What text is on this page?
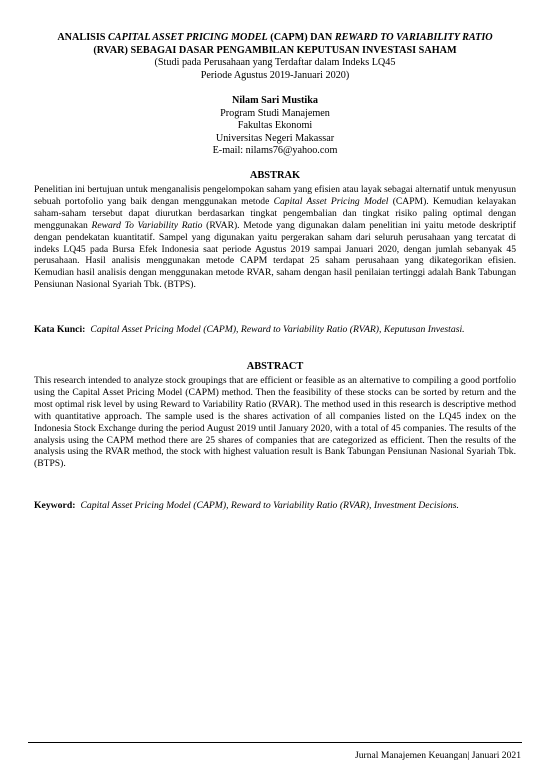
ANALISIS CAPITAL ASSET PRICING MODEL (CAPM) DAN REWARD TO VARIABILITY RATIO
(RVAR) SEBAGAI DASAR PENGAMBILAN KEPUTUSAN INVESTASI SAHAM
(Studi pada Perusahaan yang Terdaftar dalam Indeks LQ45
Periode Agustus 2019-Januari 2020)
Nilam Sari Mustika
Program Studi Manajemen
Fakultas Ekonomi
Universitas Negeri Makassar
E-mail: nilams76@yahoo.com
ABSTRAK
Penelitian ini bertujuan untuk menganalisis pengelompokan saham yang efisien atau layak sebagai alternatif untuk menyusun sebuah portofolio yang baik dengan menggunakan metode Capital Asset Pricing Model (CAPM). Kemudian kelayakan saham-saham tersebut dapat diurutkan berdasarkan tingkat pengembalian dan tingkat risiko paling optimal dengan menggunakan Reward To Variability Ratio (RVAR). Metode yang digunakan dalam penelitian ini yaitu metode deskriptif dengan pendekatan kuantitatif. Sampel yang digunakan yaitu pergerakan saham dari seluruh perusahaan yang tercatat di indeks LQ45 pada Bursa Efek Indonesia saat periode Agustus 2019 sampai Januari 2020, dengan jumlah sebanyak 45 perusahaan. Hasil analisis menggunakan metode CAPM terdapat 25 saham perusahaan yang dikategorikan efisien. Kemudian hasil analisis dengan menggunakan metode RVAR, saham dengan hasil penilaian tertinggi adalah Bank Tabungan Pensiunan Nasional Syariah Tbk. (BTPS).
Kata Kunci: Capital Asset Pricing Model (CAPM), Reward to Variability Ratio (RVAR), Keputusan Investasi.
ABSTRACT
This research intended to analyze stock groupings that are efficient or feasible as an alternative to compiling a good portfolio using the Capital Asset Pricing Model (CAPM) method. Then the feasibility of these stocks can be sorted by return and the most optimal risk level by using Reward to Variability Ratio (RVAR). The method used in this research is descriptive method with quantitative approach. The sample used is the shares activation of all companies listed on the LQ45 index on the Indonesia Stock Exchange during the period August 2019 until January 2020, with a total of 45 companies. The results of the analysis using the CAPM method there are 25 shares of companies that are categorized as efficient. Then the results of the analysis using the RVAR method, the stock with highest valuation result is Bank Tabungan Pensiunan Nasional Syariah Tbk. (BTPS).
Keyword: Capital Asset Pricing Model (CAPM), Reward to Variability Ratio (RVAR), Investment Decisions.
Jurnal Manajemen Keuangan| Januari 2021
